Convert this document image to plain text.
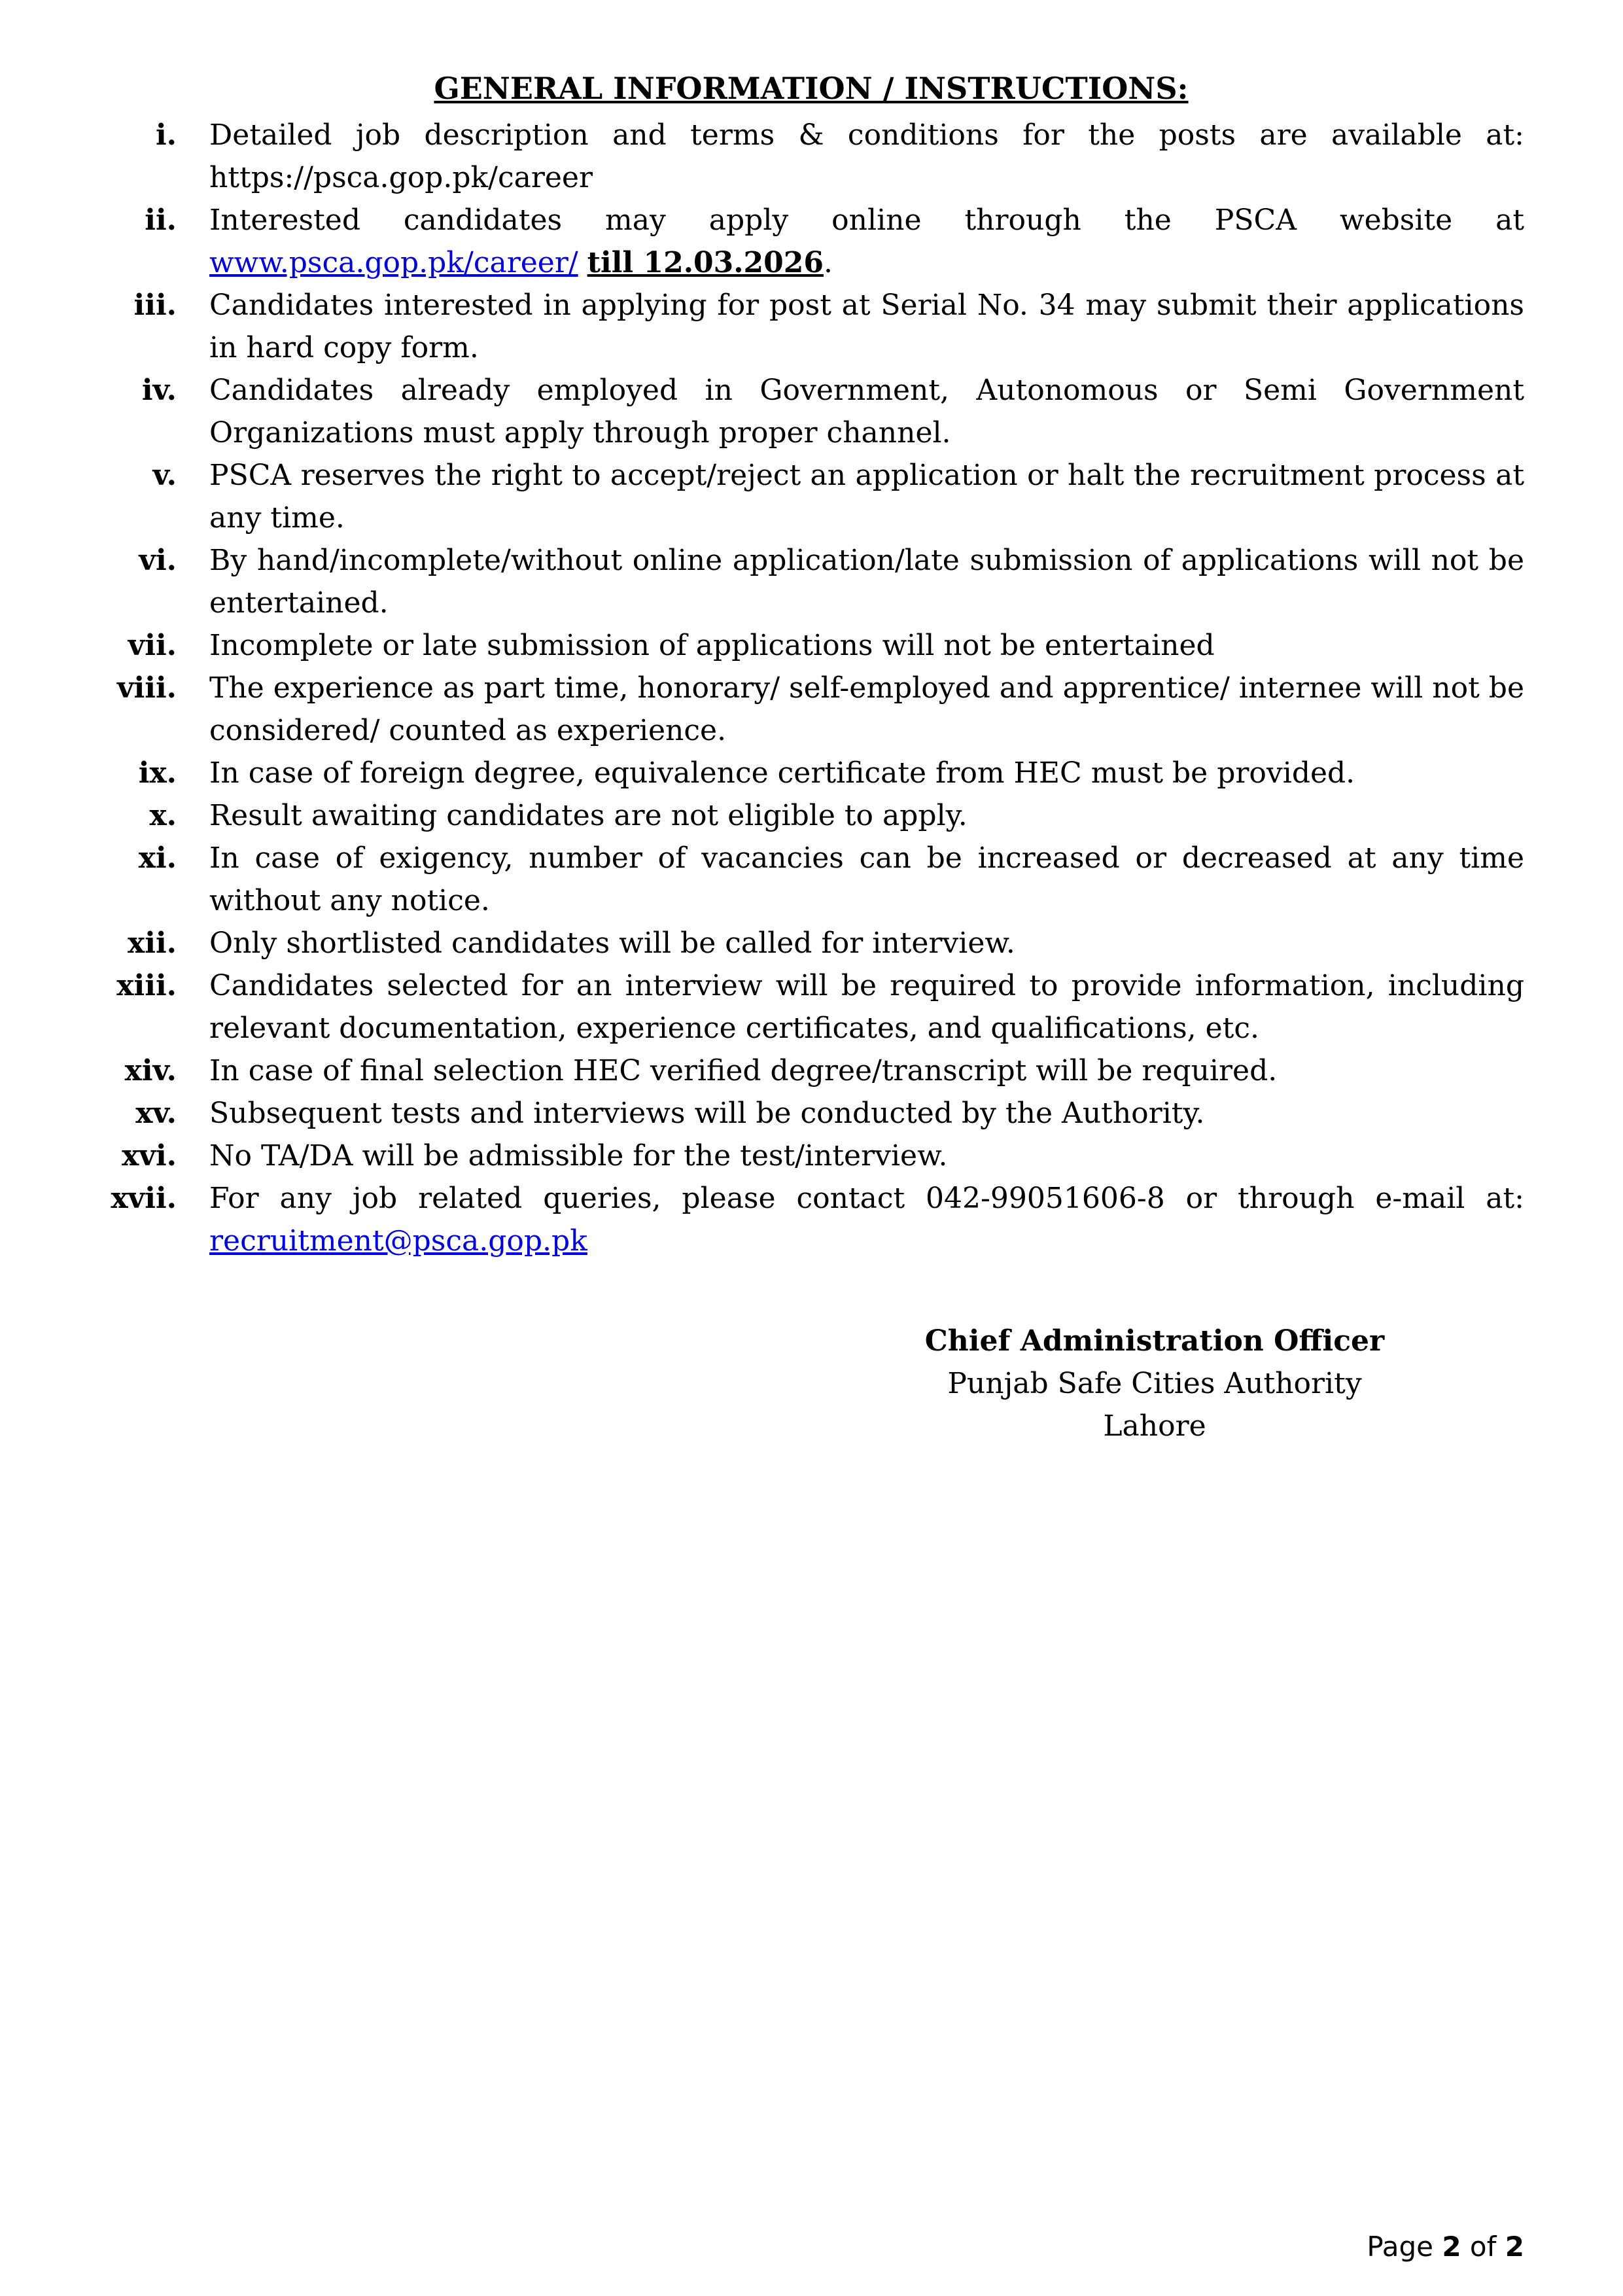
GENERAL INFORMATION / INSTRUCTIONS:
i. Detailed job description and terms & conditions for the posts are available at: https://psca.gop.pk/career
ii. Interested candidates may apply online through the PSCA website at www.psca.gop.pk/career/ till 12.03.2026.
iii. Candidates interested in applying for post at Serial No. 34 may submit their applications in hard copy form.
iv. Candidates already employed in Government, Autonomous or Semi Government Organizations must apply through proper channel.
v. PSCA reserves the right to accept/reject an application or halt the recruitment process at any time.
vi. By hand/incomplete/without online application/late submission of applications will not be entertained.
vii. Incomplete or late submission of applications will not be entertained
viii. The experience as part time, honorary/ self-employed and apprentice/ internee will not be considered/ counted as experience.
ix. In case of foreign degree, equivalence certificate from HEC must be provided.
x. Result awaiting candidates are not eligible to apply.
xi. In case of exigency, number of vacancies can be increased or decreased at any time without any notice.
xii. Only shortlisted candidates will be called for interview.
xiii. Candidates selected for an interview will be required to provide information, including relevant documentation, experience certificates, and qualifications, etc.
xiv. In case of final selection HEC verified degree/transcript will be required.
xv. Subsequent tests and interviews will be conducted by the Authority.
xvi. No TA/DA will be admissible for the test/interview.
xvii. For any job related queries, please contact 042-99051606-8 or through e-mail at: recruitment@psca.gop.pk
Chief Administration Officer
Punjab Safe Cities Authority
Lahore
Page 2 of 2
